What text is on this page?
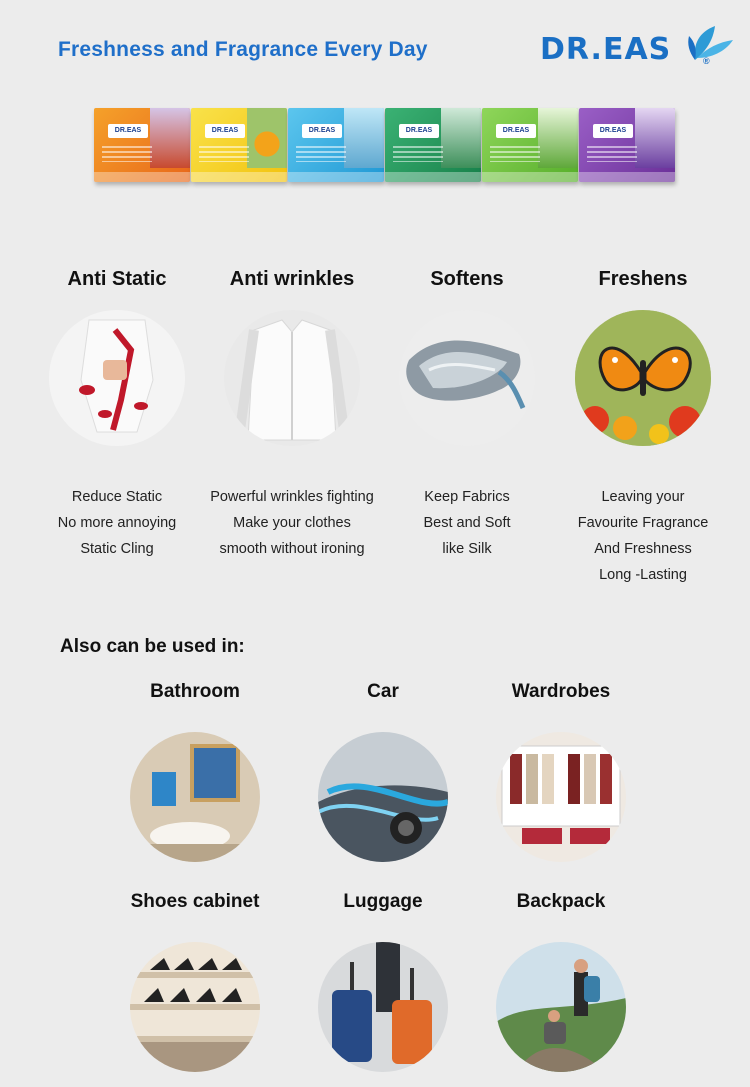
Freshness and Fragrance Every Day	DR.EAS	®
DR.EAS	DR.EAS	DR.EAS	DR.EAS	DR.EAS	DR.EAS
Anti Static
Reduce Static
No more annoying
Static Cling
Anti wrinkles
Powerful wrinkles fighting
Make your clothes
smooth without ironing
Softens
Keep Fabrics
Best and Soft
like Silk
Freshens
Leaving your
Favourite Fragrance
And Freshness
Long -Lasting
Also can be used in:
Bathroom	Car	Wardrobes
Shoes cabinet	Luggage	Backpack
